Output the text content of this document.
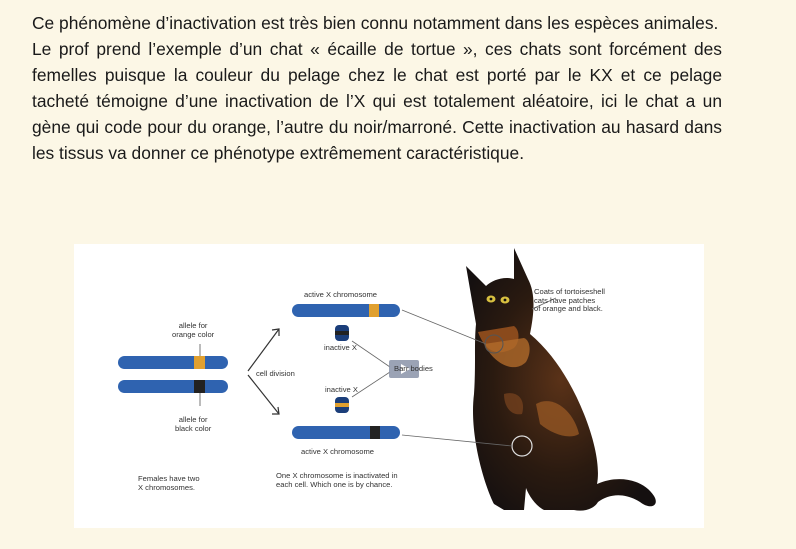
Ce phénomène d’inactivation est très bien connu notamment dans les espèces animales.

Le prof prend l’exemple d’un chat « écaille de tortue », ces chats sont forcément des femelles puisque la couleur du pelage chez le chat est porté par le KX et ce pelage tacheté témoigne d’une inactivation de l’X qui est totalement aléatoire, ici le chat a un gène qui code pour du orange, l’autre du noir/marroné. Cette inactivation au hasard dans les tissus va donner ce phénotype extrêmement caractéristique.

allele for
orange color
allele for
black color
Females have two
X chromosomes.
cell division
active X chromosome
inactive X
Barr bodies
inactive X
active X chromosome
One X chromosome is inactivated in
each cell. Which one is by chance.
Coats of tortoiseshell
cats have patches
of orange and black.
